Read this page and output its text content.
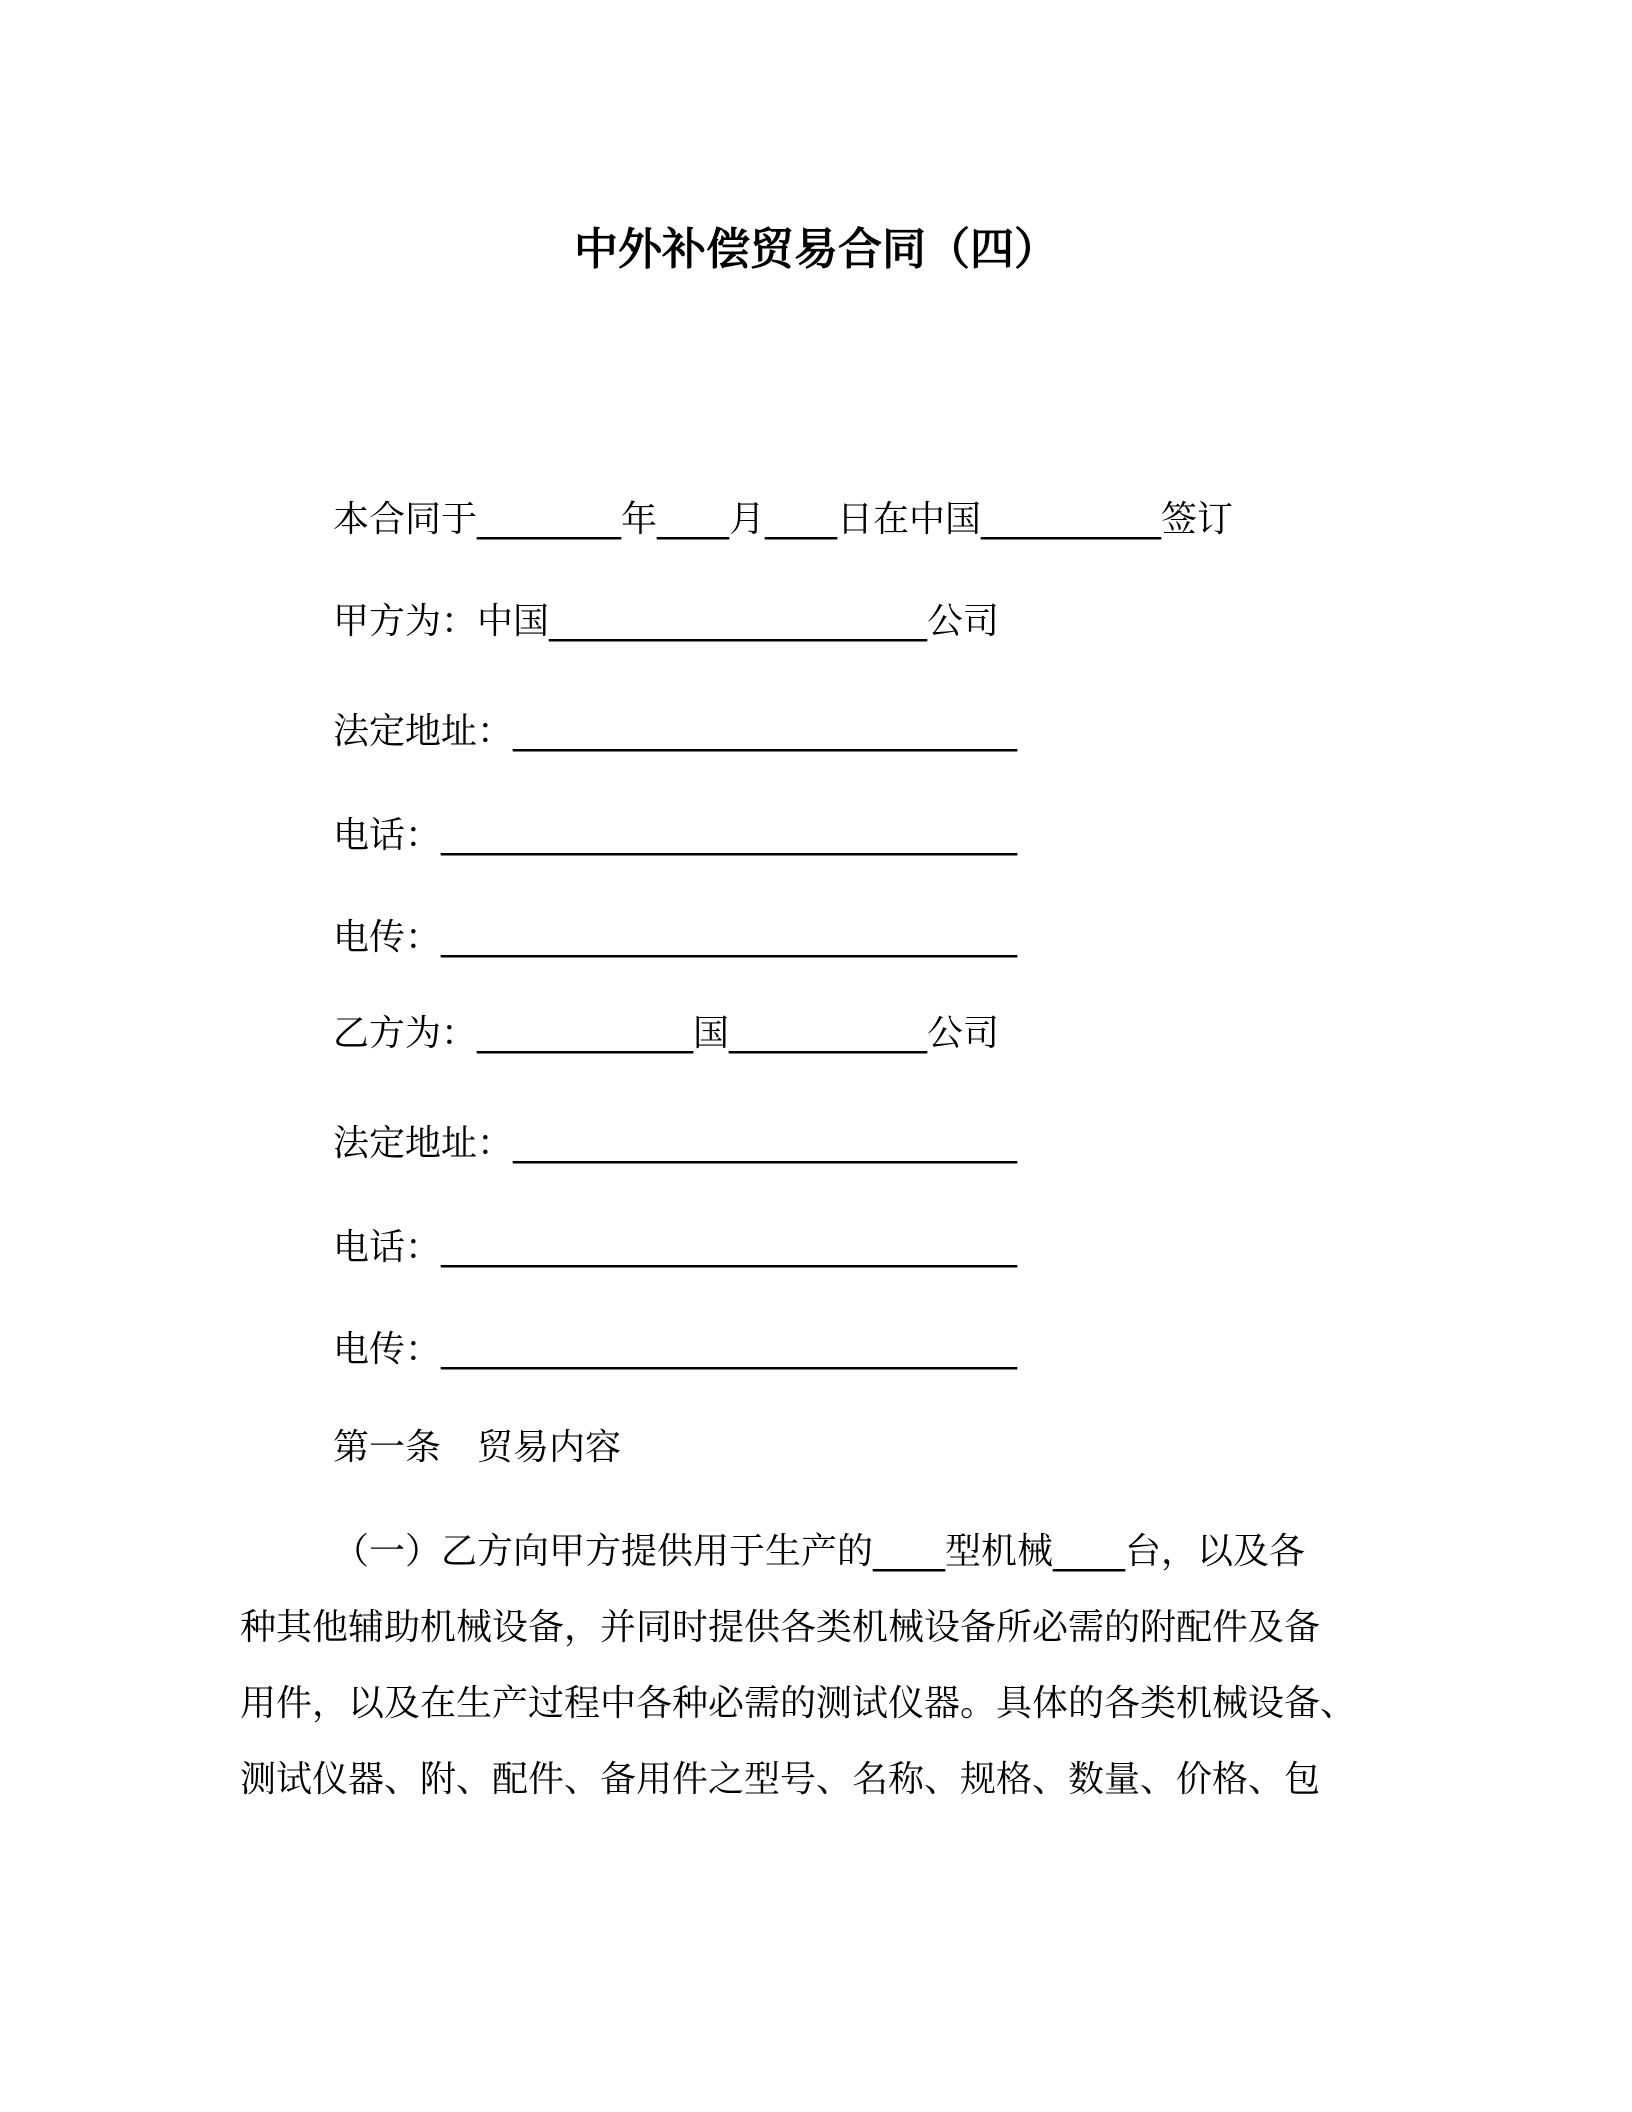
中外补偿贸易合同（四）
本合同于________年____月____日在中国__________签订
甲方为：中国_____________________公司
法定地址：____________________________
电话：________________________________
电传：________________________________
乙方为：____________国___________公司
法定地址：____________________________
电话：________________________________
电传：________________________________
第一条　贸易内容
（一）乙方向甲方提供用于生产的____型机械____台，以及各
种其他辅助机械设备，并同时提供各类机械设备所必需的附配件及备
用件，以及在生产过程中各种必需的测试仪器。具体的各类机械设备、
测试仪器、附、配件、备用件之型号、名称、规格、数量、价格、包
